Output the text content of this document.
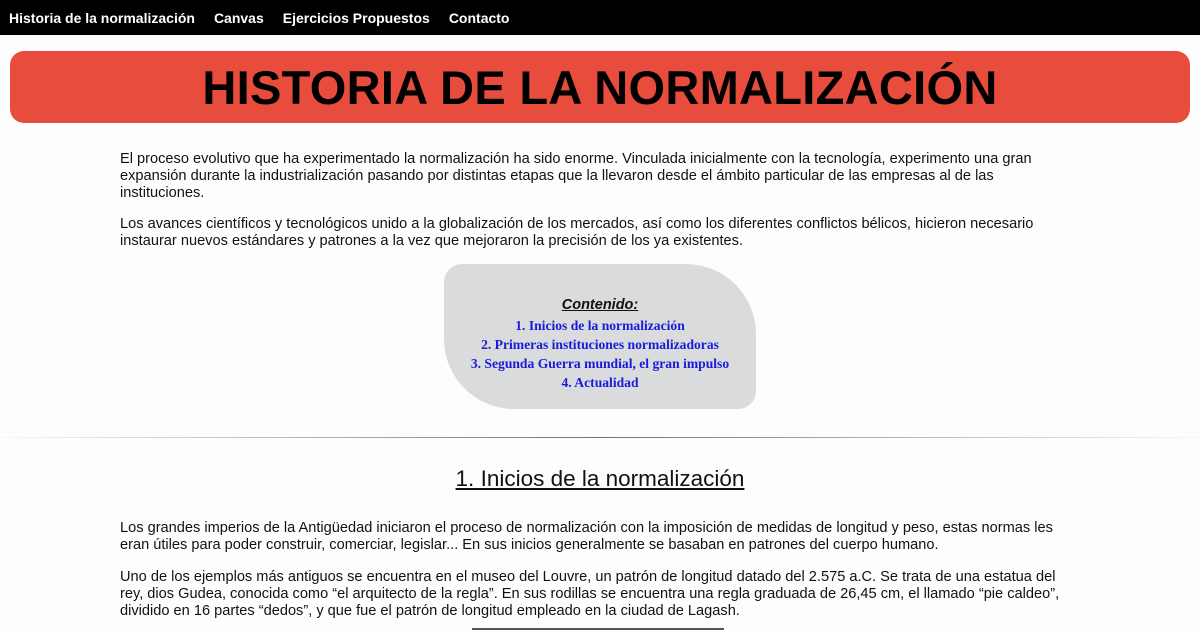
Historia de la normalización Canvas Ejercicios Propuestos Contacto
HISTORIA DE LA NORMALIZACIÓN

El proceso evolutivo que ha experimentado la normalización ha sido enorme. Vinculada inicialmente con la tecnología, experimento una gran expansión durante la industrialización pasando por distintas etapas que la llevaron desde el ámbito particular de las empresas al de las instituciones.

Los avances científicos y tecnológicos unido a la globalización de los mercados, así como los diferentes conflictos bélicos, hicieron necesario instaurar nuevos estándares y patrones a la vez que mejoraron la precisión de los ya existentes.

Contenido:
1. Inicios de la normalización
2. Primeras instituciones normalizadoras
3. Segunda Guerra mundial, el gran impulso
4. Actualidad
1. Inicios de la normalización

Los grandes imperios de la Antigüedad iniciaron el proceso de normalización con la imposición de medidas de longitud y peso, estas normas les eran útiles para poder construir, comerciar, legislar... En sus inicios generalmente se basaban en patrones del cuerpo humano.

Uno de los ejemplos más antiguos se encuentra en el museo del Louvre, un patrón de longitud datado del 2.575 a.C. Se trata de una estatua del rey, dios Gudea, conocida como “el arquitecto de la regla”. En sus rodillas se encuentra una regla graduada de 26,45 cm, el llamado “pie caldeo”, dividido en 16 partes “dedos”, y que fue el patrón de longitud empleado en la ciudad de Lagash.
